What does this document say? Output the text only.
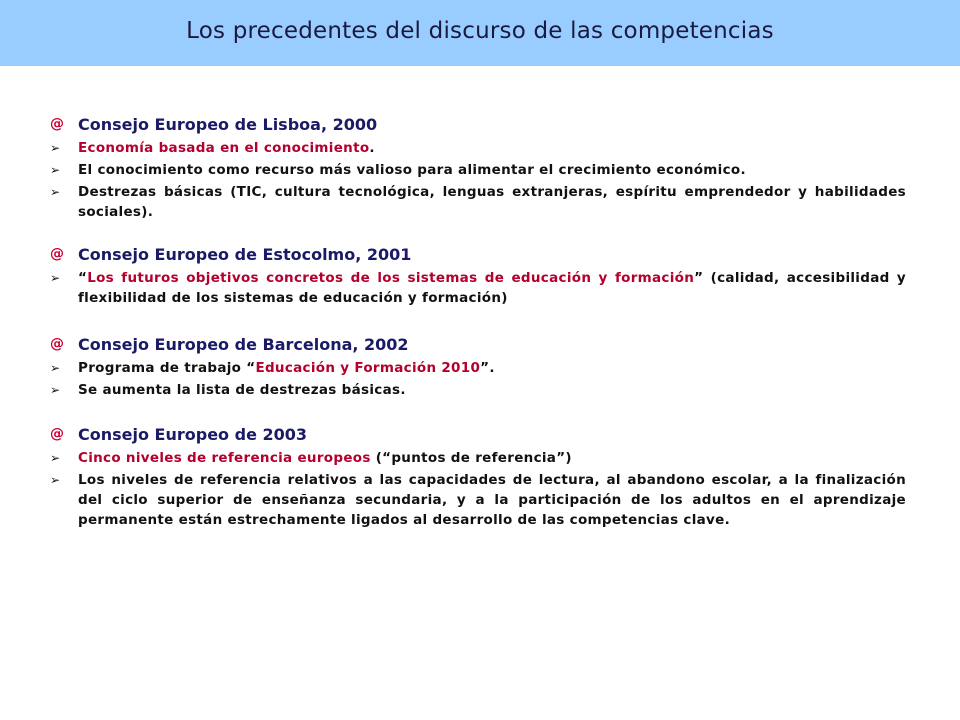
Los precedentes del discurso de las competencias
@ Consejo Europeo de Lisboa, 2000
➢	Economía basada en el conocimiento.
➢	El conocimiento como recurso más valioso para alimentar el crecimiento económico.
➢	Destrezas básicas (TIC, cultura tecnológica, lenguas extranjeras, espíritu emprendedor y habilidades sociales).
@ Consejo Europeo de Estocolmo, 2001
➢	“Los futuros objetivos concretos de los sistemas de educación y formación” (calidad, accesibilidad y flexibilidad de los sistemas de educación y formación)
@ Consejo Europeo de Barcelona, 2002
➢	Programa de trabajo “Educación y Formación 2010”.
➢	Se aumenta la lista de destrezas básicas.
@ Consejo Europeo de 2003
➢	Cinco niveles de referencia europeos (“puntos de referencia”)
➢	Los niveles de referencia relativos a las capacidades de lectura, al abandono escolar, a la finalización del ciclo superior de enseñanza secundaria, y a la participación de los adultos en el aprendizaje permanente están estrechamente ligados al desarrollo de las competencias clave.
